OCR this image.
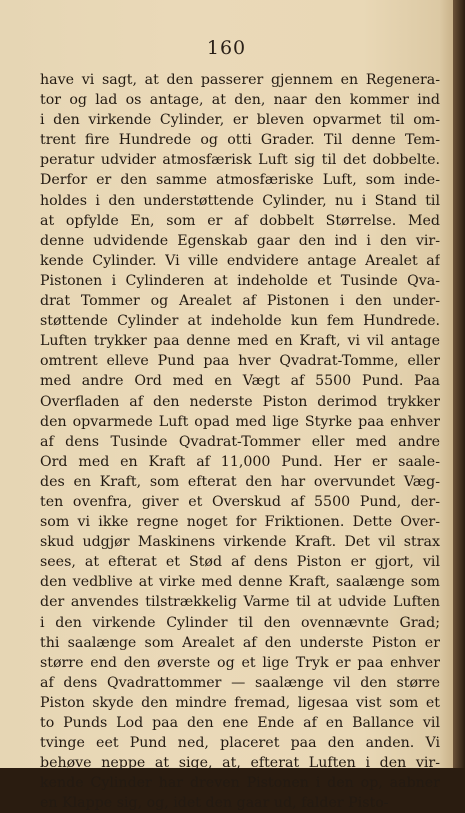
160
have vi sagt, at den passerer gjennem en Regenera-
tor og lad os antage, at den, naar den kommer ind
i den virkende Cylinder, er bleven opvarmet til om-
trent fire Hundrede og otti Grader. Til denne Tem-
peratur udvider atmosfærisk Luft sig til det dobbelte.
Derfor er den samme atmosfæriske Luft, som inde-
holdes i den understøttende Cylinder, nu i Stand til
at opfylde En, som er af dobbelt Størrelse. Med
denne udvidende Egenskab gaar den ind i den vir-
kende Cylinder. Vi ville endvidere antage Arealet af
Pistonen i Cylinderen at indeholde et Tusinde Qva-
drat Tommer og Arealet af Pistonen i den under-
støttende Cylinder at indeholde kun fem Hundrede.
Luften trykker paa denne med en Kraft, vi vil antage
omtrent elleve Pund paa hver Qvadrat-Tomme, eller
med andre Ord med en Vægt af 5500 Pund. Paa
Overfladen af den nederste Piston derimod trykker
den opvarmede Luft opad med lige Styrke paa enhver
af dens Tusinde Qvadrat-Tommer eller med andre
Ord med en Kraft af 11,000 Pund. Her er saale-
des en Kraft, som efterat den har overvundet Væg-
ten ovenfra, giver et Overskud af 5500 Pund, der-
som vi ikke regne noget for Friktionen. Dette Over-
skud udgjør Maskinens virkende Kraft. Det vil strax
sees, at efterat et Stød af dens Piston er gjort, vil
den vedblive at virke med denne Kraft, saalænge som
der anvendes tilstrækkelig Varme til at udvide Luften
i den virkende Cylinder til den ovennævnte Grad;
thi saalænge som Arealet af den underste Piston er
større end den øverste og et lige Tryk er paa enhver
af dens Qvadrattommer — saalænge vil den større
Piston skyde den mindre fremad, ligesaa vist som et
to Punds Lod paa den ene Ende af en Ballance vil
tvinge eet Pund ned, placeret paa den anden. Vi
behøve neppe at sige, at, efterat Luften i den vir-
kende Cylinder har dreven Pistonen i den op, aabner
en Klappe sig, og, idet den gaar ud, falder Pisto-
